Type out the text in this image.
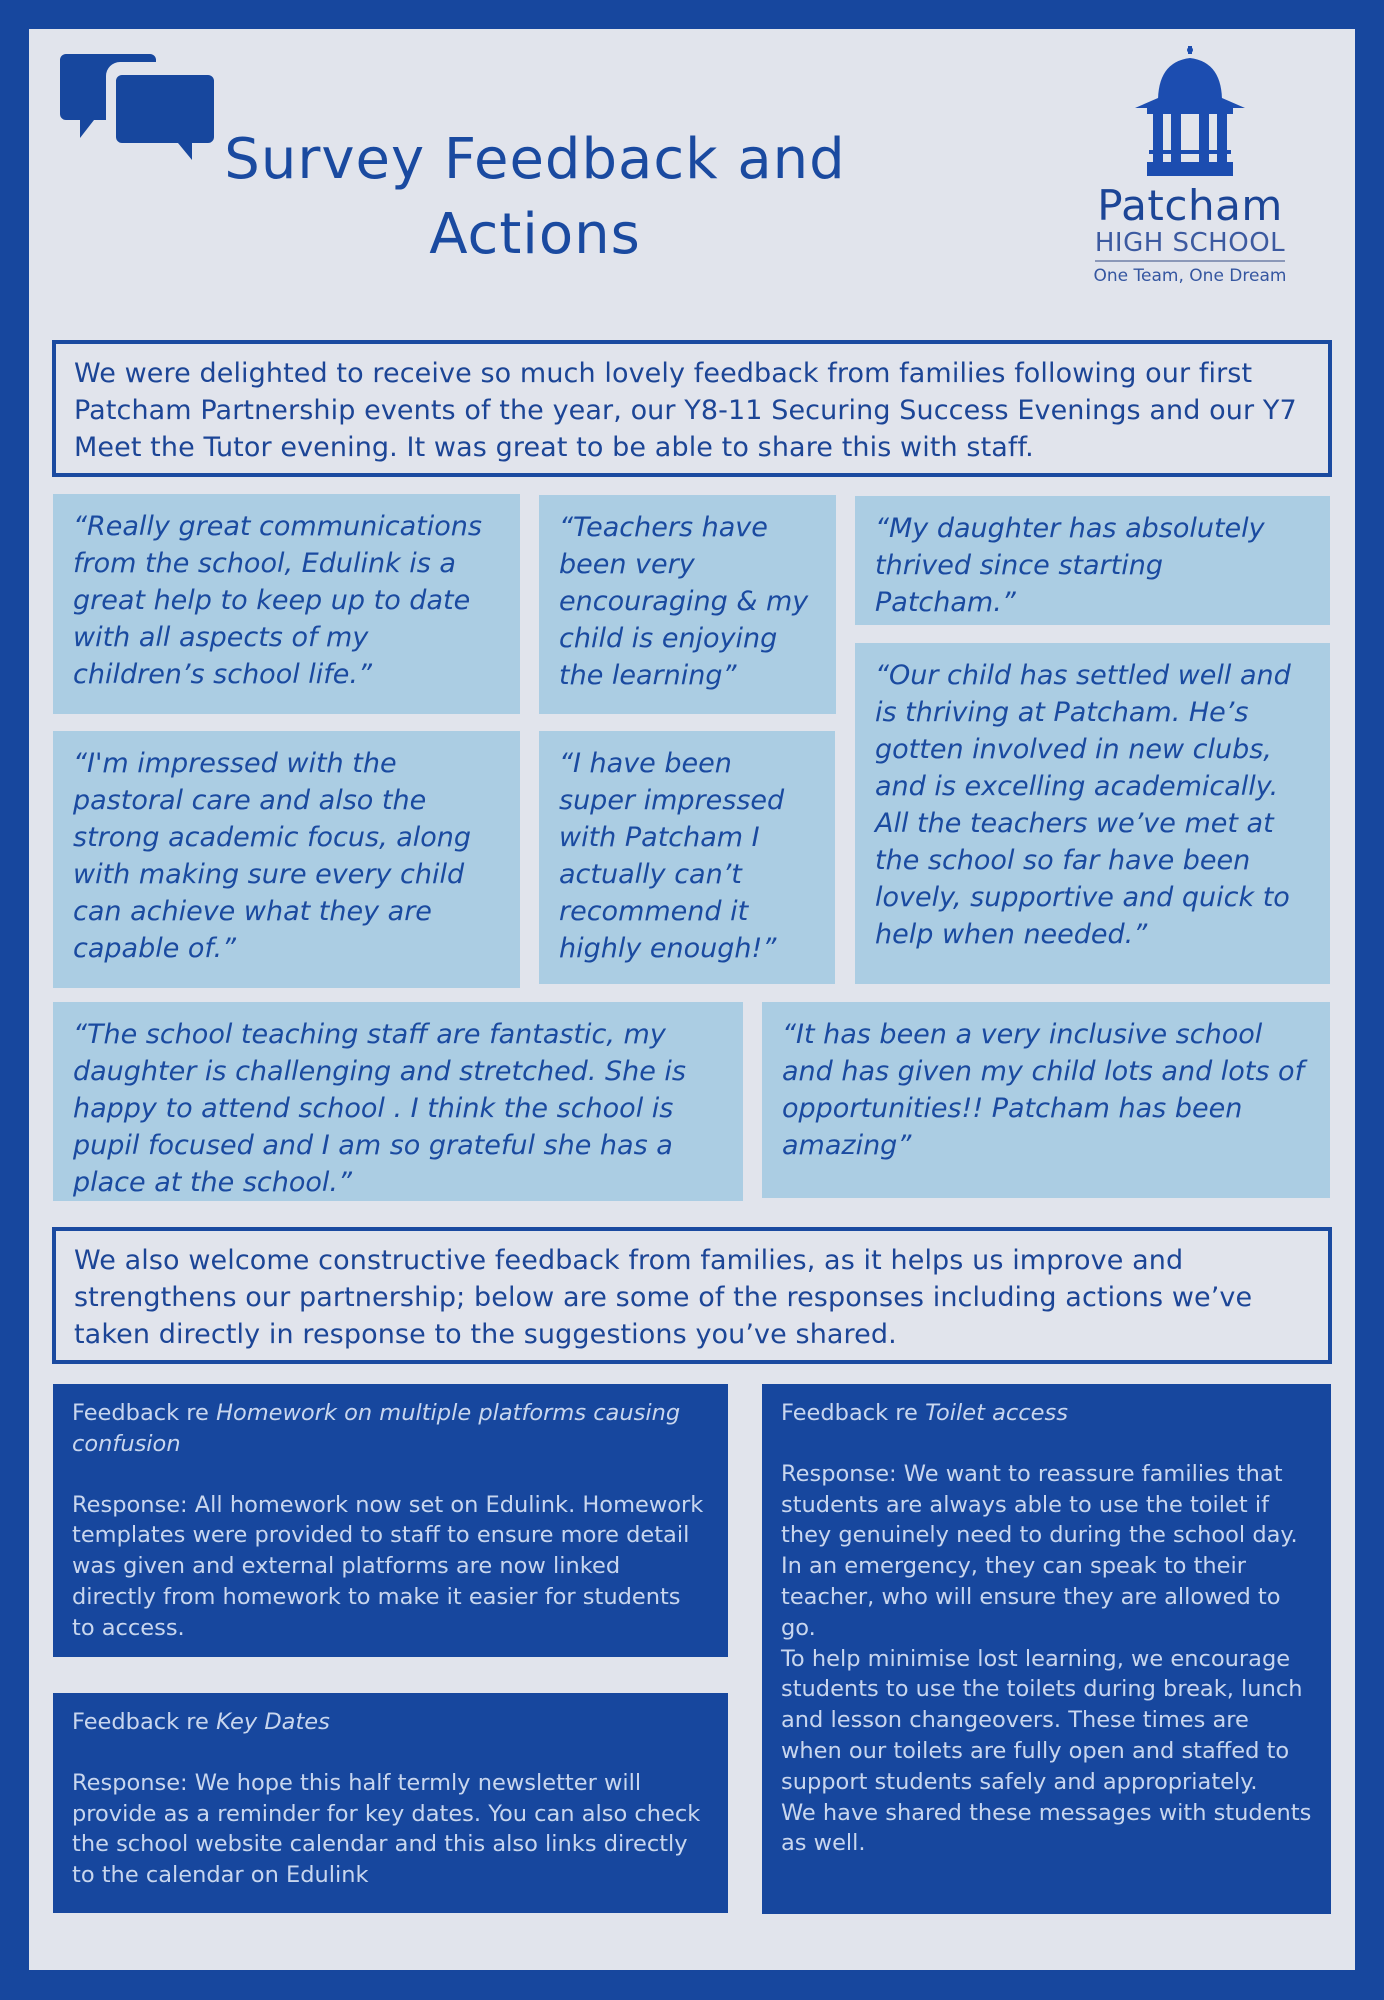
Survey Feedback and
Actions	Patcham
HIGH SCHOOL
One Team, One Dream
We were delighted to receive so much lovely feedback from families following our first Patcham Partnership events of the year, our Y8-11 Securing Success Evenings and our Y7 Meet the Tutor evening. It was great to be able to share this with staff.
“Really great communications from the school, Edulink is a great help to keep up to date with all aspects of my children’s school life.”
“Teachers have been very encouraging & my child is enjoying the learning”
“My daughter has absolutely thrived since starting Patcham.”
“I'm impressed with the pastoral care and also the strong academic focus, along with making sure every child can achieve what they are capable of.”
“I have been super impressed with Patcham I actually can’t recommend it highly enough!”
“Our child has settled well and is thriving at Patcham. He’s gotten involved in new clubs, and is excelling academically. All the teachers we’ve met at the school so far have been lovely, supportive and quick to help when needed.”
“The school teaching staff are fantastic, my daughter is challenging and stretched. She is happy to attend school . I think the school is pupil focused and I am so grateful she has a place at the school.”
“It has been a very inclusive school and has given my child lots and lots of opportunities!! Patcham has been amazing”
We also welcome constructive feedback from families, as it helps us improve and strengthens our partnership; below are some of the responses including actions we’ve taken directly in response to the suggestions you’ve shared.

Feedback re Homework on multiple platforms causing confusion

Response: All homework now set on Edulink. Homework templates were provided to staff to ensure more detail was given and external platforms are now linked directly from homework to make it easier for students to access.

Feedback re Key Dates

Response: We hope this half termly newsletter will provide as a reminder for key dates. You can also check the school website calendar and this also links directly to the calendar on Edulink

Feedback re Toilet access

Response: We want to reassure families that students are always able to use the toilet if they genuinely need to during the school day. In an emergency, they can speak to their teacher, who will ensure they are allowed to go.

To help minimise lost learning, we encourage students to use the toilets during break, lunch and lesson changeovers. These times are when our toilets are fully open and staffed to support students safely and appropriately.

We have shared these messages with students as well.
